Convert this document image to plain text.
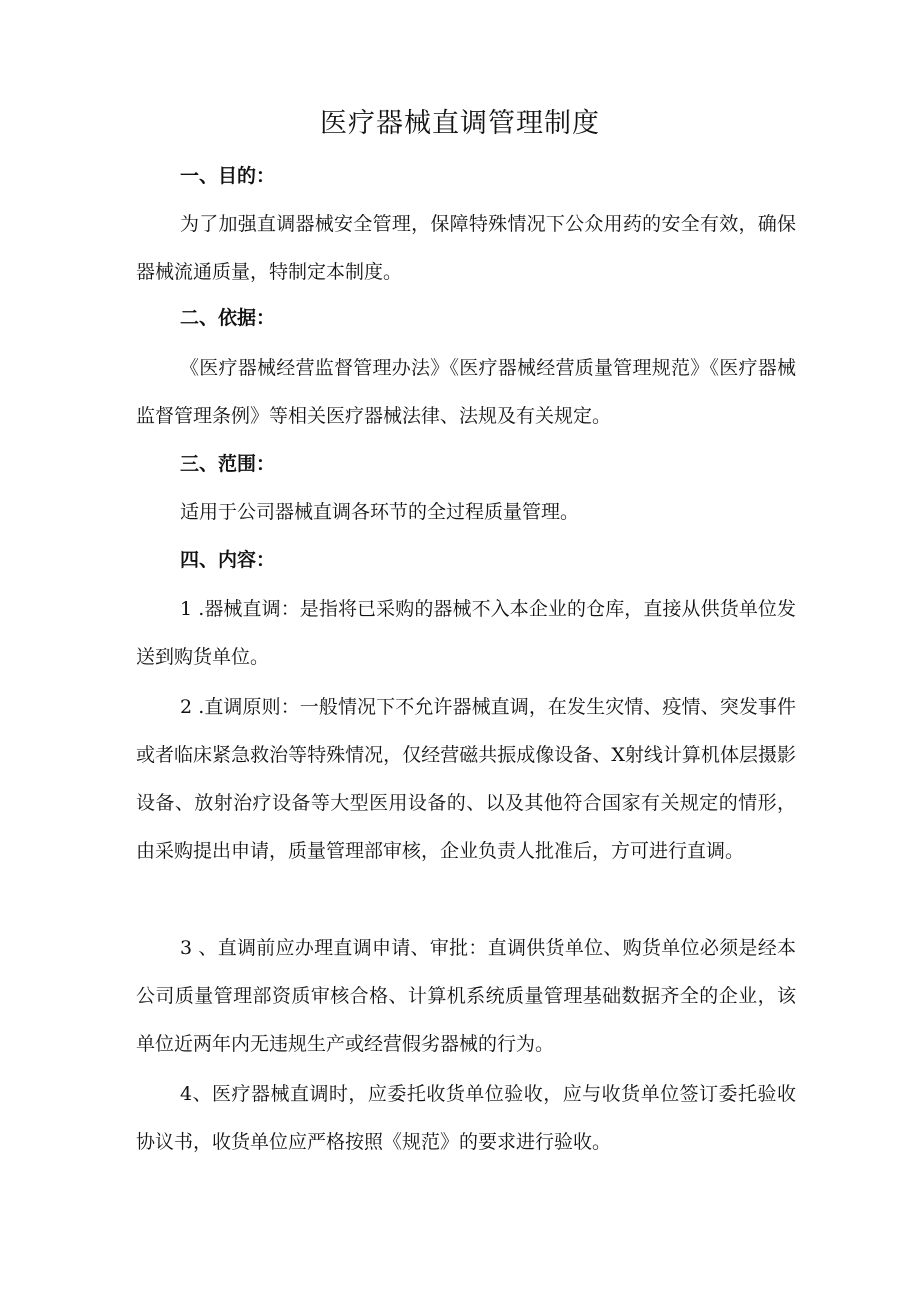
医疗器械直调管理制度
一、目的：
为了加强直调器械安全管理，保障特殊情况下公众用药的安全有效，确保器械流通质量，特制定本制度。
二、依据：
《医疗器械经营监督管理办法》《医疗器械经营质量管理规范》《医疗器械监督管理条例》等相关医疗器械法律、法规及有关规定。
三、范围：
适用于公司器械直调各环节的全过程质量管理。
四、内容：
1 .器械直调：是指将已采购的器械不入本企业的仓库，直接从供货单位发送到购货单位。
2 .直调原则：一般情况下不允许器械直调，在发生灾情、疫情、突发事件或者临床紧急救治等特殊情况，仅经营磁共振成像设备、X射线计算机体层摄影设备、放射治疗设备等大型医用设备的、以及其他符合国家有关规定的情形，由采购提出申请，质量管理部审核，企业负责人批准后，方可进行直调。
3 、直调前应办理直调申请、审批：直调供货单位、购货单位必须是经本公司质量管理部资质审核合格、计算机系统质量管理基础数据齐全的企业，该单位近两年内无违规生产或经营假劣器械的行为。
4、医疗器械直调时，应委托收货单位验收，应与收货单位签订委托验收协议书，收货单位应严格按照《规范》的要求进行验收。
